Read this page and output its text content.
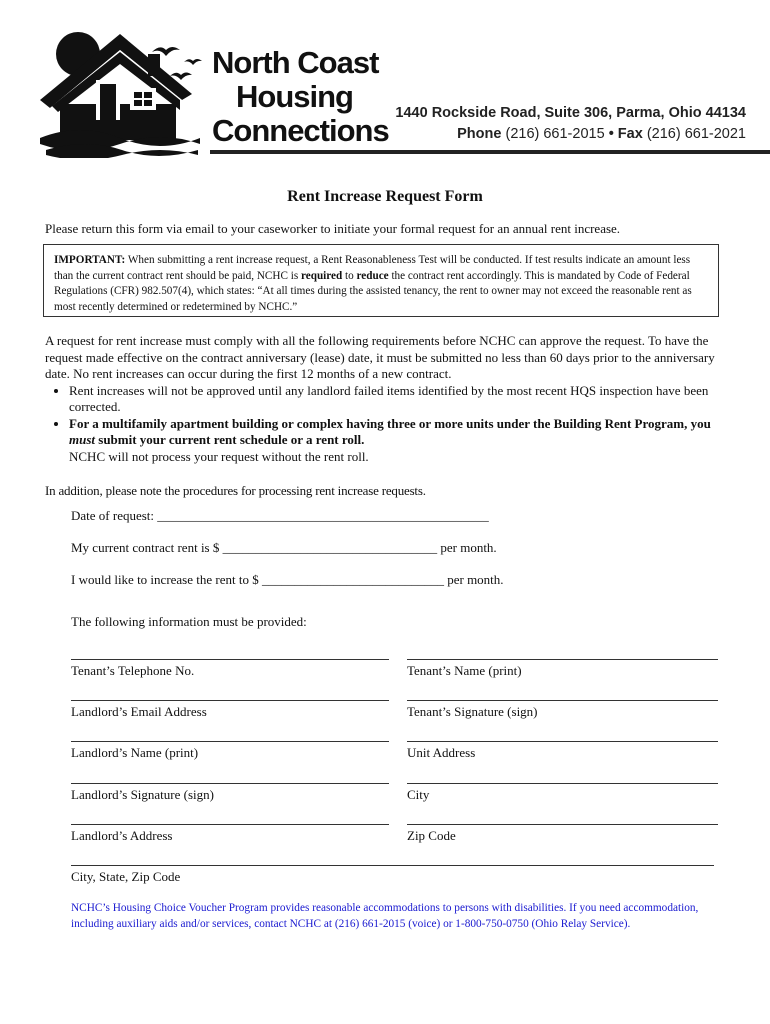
North Coast
Housing
Connections 1440 Rockside Road, Suite 306, Parma, Ohio 44134
Phone (216) 661-2015 • Fax (216) 661-2021
Rent Increase Request Form
Please return this form via email to your caseworker to initiate your formal request for an annual rent increase.
IMPORTANT: When submitting a rent increase request, a Rent Reasonableness Test will be conducted. If test results indicate an amount less than the current contract rent should be paid, NCHC is required to reduce the contract rent accordingly. This is mandated by Code of Federal Regulations (CFR) 982.507(4), which states: “At all times during the assisted tenancy, the rent to owner may not exceed the reasonable rent as most recently determined or redetermined by NCHC.”
A request for rent increase must comply with all the following requirements before NCHC can approve the request. To have the request made effective on the contract anniversary (lease) date, it must be submitted no less than 60 days prior to the anniversary date. No rent increases can occur during the first 12 months of a new contract.
• Rent increases will not be approved until any landlord failed items identified by the most recent HQS inspection have been corrected.
• For a multifamily apartment building or complex having three or more units under the Building Rent Program, you must submit your current rent schedule or a rent roll.
NCHC will not process your request without the rent roll.
In addition, please note the procedures for processing rent increase requests.
Date of request: ___________________________________________________
My current contract rent is $ _________________________________ per month.
I would like to increase the rent to $ ____________________________ per month.
The following information must be provided:
Tenant’s Telephone No.
Landlord’s Email Address
Landlord’s Name (print)
Landlord’s Signature (sign)
Landlord’s Address
Tenant’s Name (print)
Tenant’s Signature (sign)
Unit Address
City
Zip Code
City, State, Zip Code
NCHC’s Housing Choice Voucher Program provides reasonable accommodations to persons with disabilities. If you need accommodation, including auxiliary aids and/or services, contact NCHC at (216) 661-2015 (voice) or 1-800-750-0750 (Ohio Relay Service).
